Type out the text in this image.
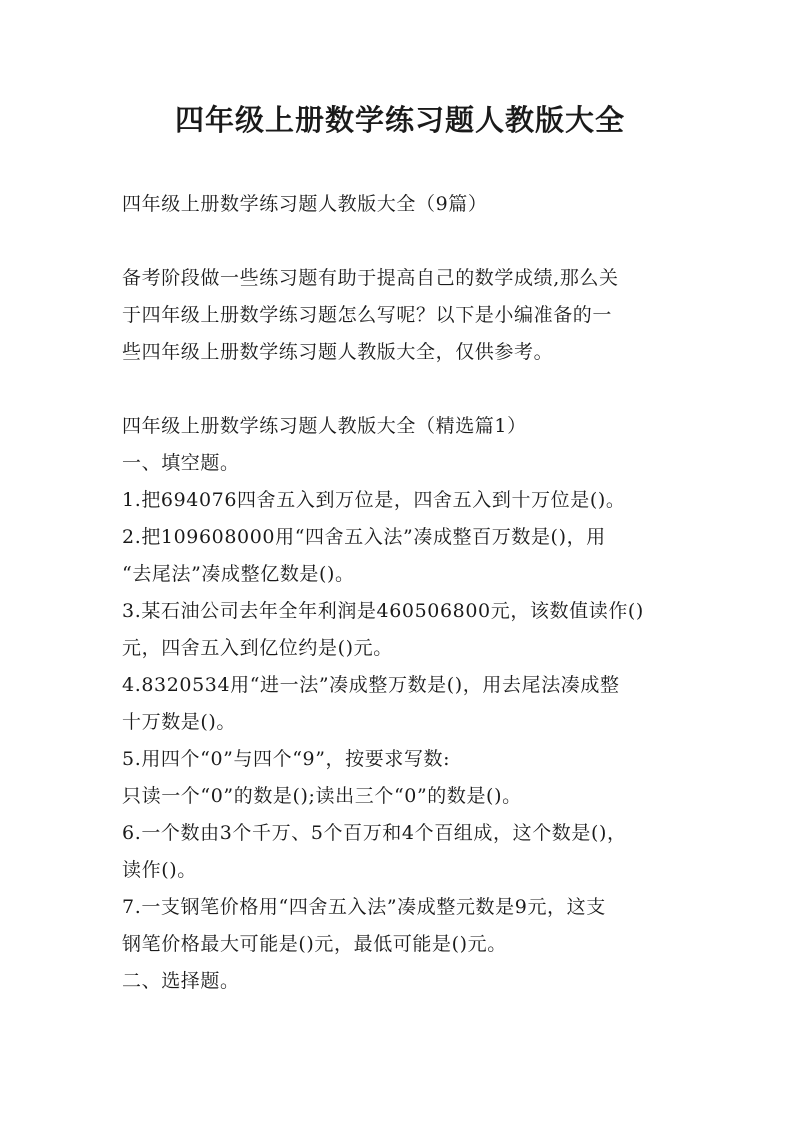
四年级上册数学练习题人教版大全

四年级上册数学练习题人教版大全（9篇）

备考阶段做一些练习题有助于提高自己的数学成绩,那么关

于四年级上册数学练习题怎么写呢？以下是小编准备的一

些四年级上册数学练习题人教版大全，仅供参考。

四年级上册数学练习题人教版大全（精选篇1）

一、填空题。

1.把694076四舍五入到万位是，四舍五入到十万位是()。

2.把109608000用“四舍五入法”凑成整百万数是()，用

“去尾法”凑成整亿数是()。

3.某石油公司去年全年利润是460506800元，该数值读作()

元，四舍五入到亿位约是()元。

4.8320534用“进一法”凑成整万数是()，用去尾法凑成整

十万数是()。

5.用四个“0”与四个“9”，按要求写数:

只读一个“0”的数是();读出三个“0”的数是()。

6.一个数由3个千万、5个百万和4个百组成，这个数是()，

读作()。

7.一支钢笔价格用“四舍五入法”凑成整元数是9元，这支

钢笔价格最大可能是()元，最低可能是()元。

二、选择题。
